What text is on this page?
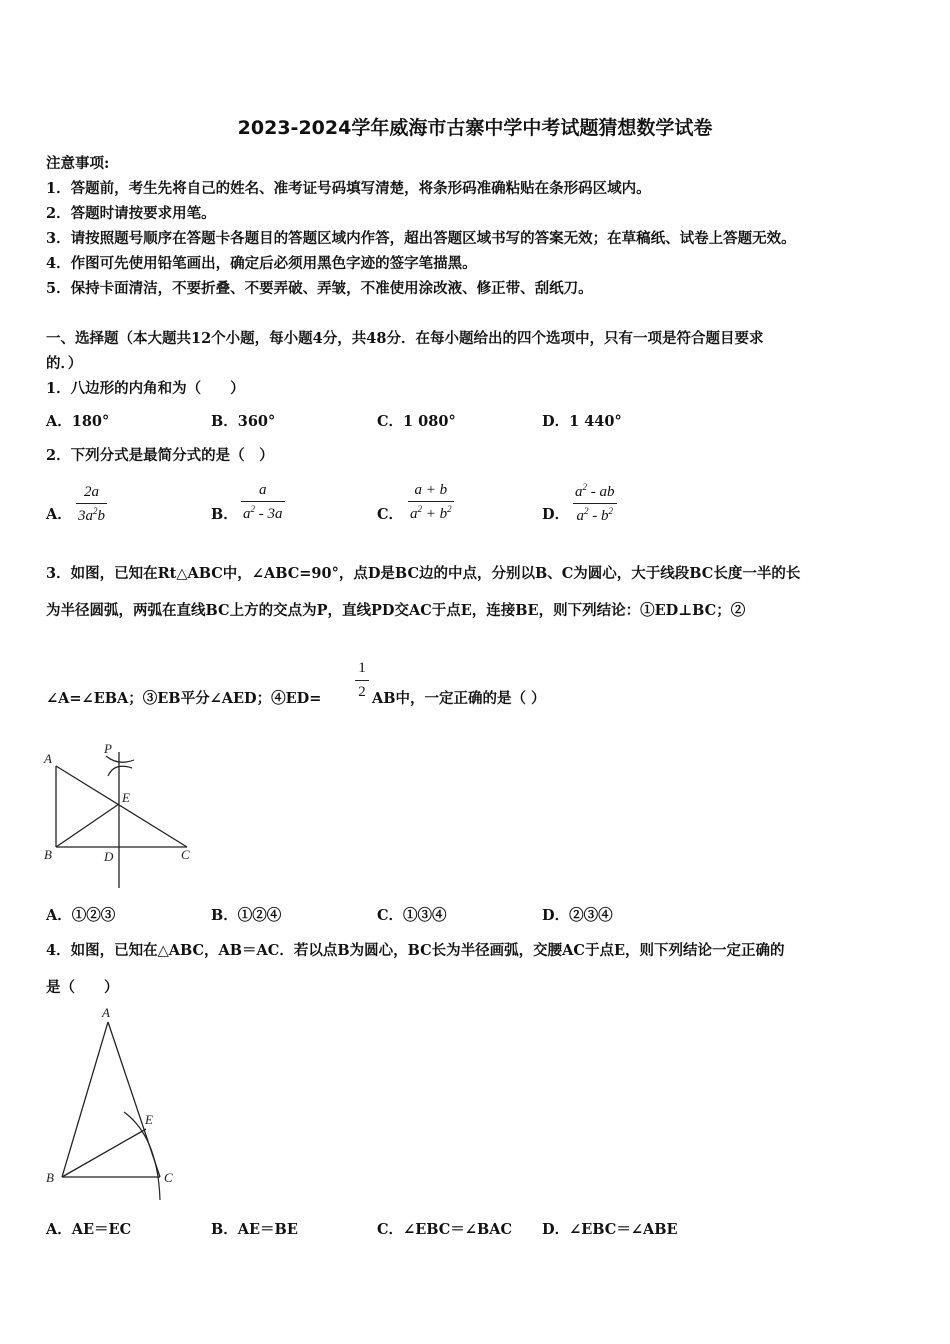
2023-2024学年威海市古寨中学中考试题猜想数学试卷
注意事项:
1．答题前，考生先将自己的姓名、准考证号码填写清楚，将条形码准确粘贴在条形码区域内。
2．答题时请按要求用笔。
3．请按照题号顺序在答题卡各题目的答题区域内作答，超出答题区域书写的答案无效；在草稿纸、试卷上答题无效。
4．作图可先使用铅笔画出，确定后必须用黑色字迹的签字笔描黑。
5．保持卡面清洁，不要折叠、不要弄破、弄皱，不准使用涂改液、修正带、刮纸刀。
一、选择题（本大题共12个小题，每小题4分，共48分．在每小题给出的四个选项中，只有一项是符合题目要求
的．）
1．八边形的内角和为（　　）
A．180°	B．360°	C．1 080°	D．1 440°
2．下列分式是最简分式的是（　）
A．
2a
$3a^2b$	B．
a
$a^2 - 3a$	C．
a + b
$a^2 + b^2$	D．
$a^2$ - ab
$a^2 - b^2$
3．如图，已知在Rt△ABC中，∠ABC=90°，点D是BC边的中点，分别以B、C为圆心，大于线段BC长度一半的长
为半径圆弧，两弧在直线BC上方的交点为P，直线PD交AC于点E，连接BE，则下列结论：①ED⊥BC；②
∠A=∠EBA；③EB平分∠AED；④ED=
1
2 AB中，一定正确的是（ ）
A
P
E
B	D	C
A．①②③	B．①②④	C．①③④	D．②③④
4．如图，已知在△ABC，AB＝AC．若以点B为圆心，BC长为半径画弧，交腰AC于点E，则下列结论一定正确的
是（　　）
A
E
B	C
A．AE＝EC	B．AE＝BE	C．∠EBC＝∠BAC D．∠EBC＝∠ABE
